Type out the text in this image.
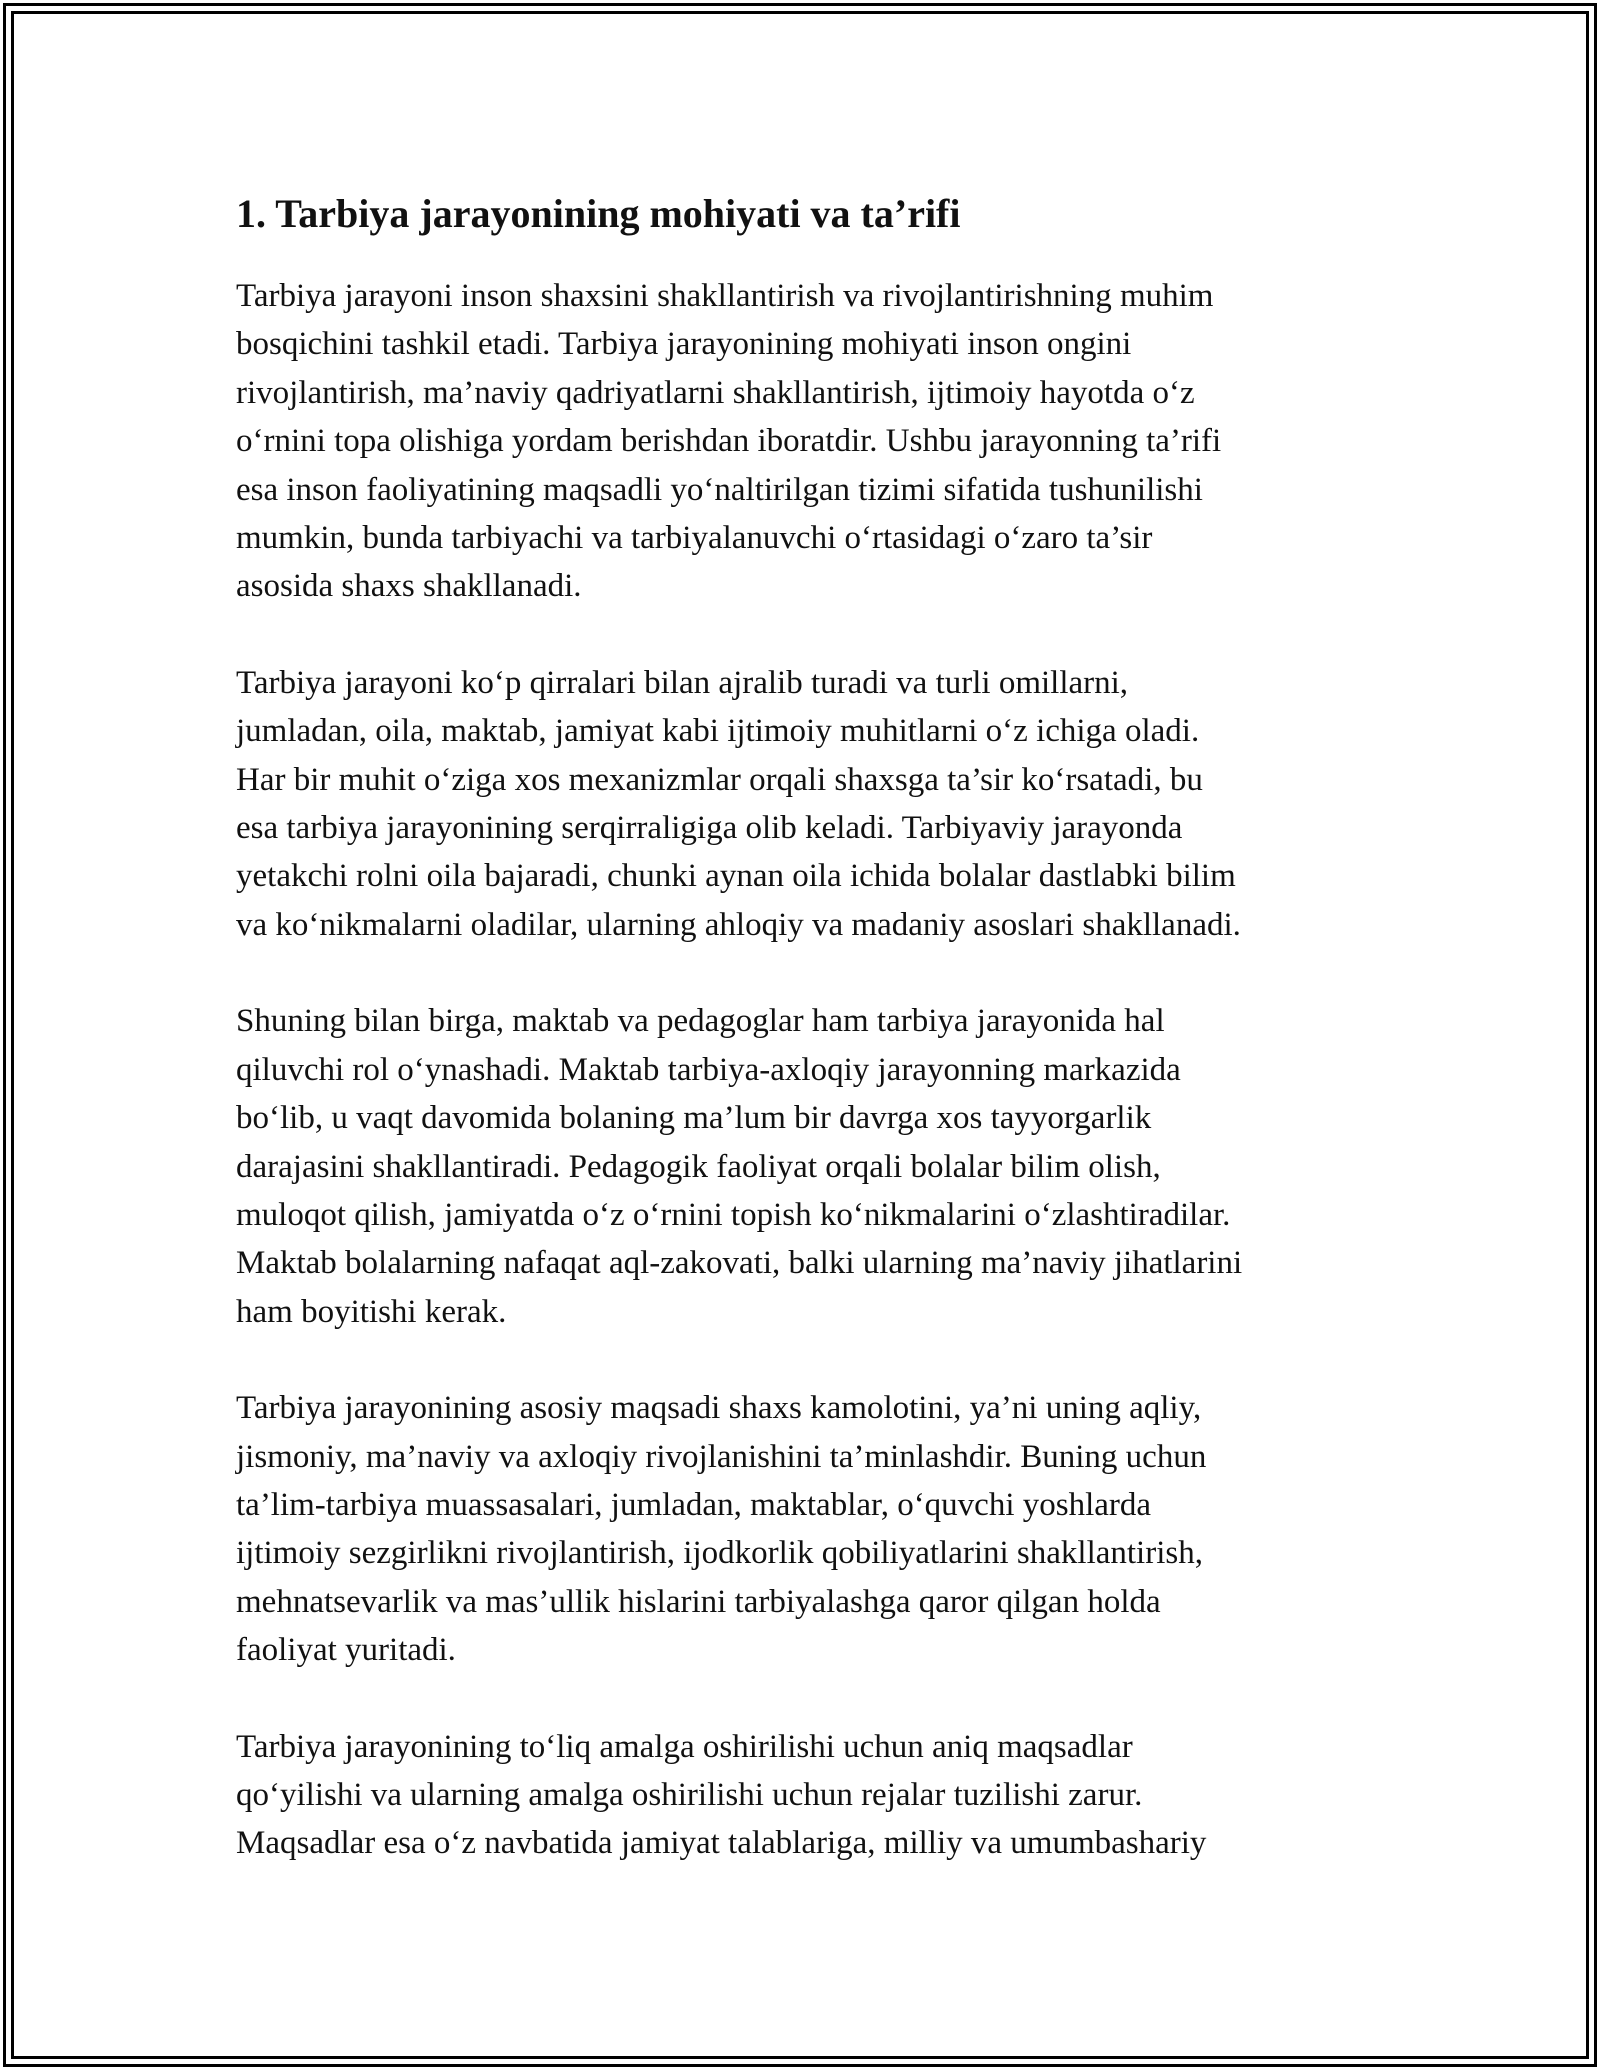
1. Tarbiya jarayonining mohiyati va ta’rifi
Tarbiya jarayoni inson shaxsini shakllantirish va rivojlantirishning muhim
bosqichini tashkil etadi. Tarbiya jarayonining mohiyati inson ongini
rivojlantirish, ma’naviy qadriyatlarni shakllantirish, ijtimoiy hayotda o‘z
o‘rnini topa olishiga yordam berishdan iboratdir. Ushbu jarayonning ta’rifi
esa inson faoliyatining maqsadli yo‘naltirilgan tizimi sifatida tushunilishi
mumkin, bunda tarbiyachi va tarbiyalanuvchi o‘rtasidagi o‘zaro ta’sir
asosida shaxs shakllanadi.
Tarbiya jarayoni ko‘p qirralari bilan ajralib turadi va turli omillarni,
jumladan, oila, maktab, jamiyat kabi ijtimoiy muhitlarni o‘z ichiga oladi.
Har bir muhit o‘ziga xos mexanizmlar orqali shaxsga ta’sir ko‘rsatadi, bu
esa tarbiya jarayonining serqirraligiga olib keladi. Tarbiyaviy jarayonda
yetakchi rolni oila bajaradi, chunki aynan oila ichida bolalar dastlabki bilim
va ko‘nikmalarni oladilar, ularning ahloqiy va madaniy asoslari shakllanadi.
Shuning bilan birga, maktab va pedagoglar ham tarbiya jarayonida hal
qiluvchi rol o‘ynashadi. Maktab tarbiya-axloqiy jarayonning markazida
bo‘lib, u vaqt davomida bolaning ma’lum bir davrga xos tayyorgarlik
darajasini shakllantiradi. Pedagogik faoliyat orqali bolalar bilim olish,
muloqot qilish, jamiyatda o‘z o‘rnini topish ko‘nikmalarini o‘zlashtiradilar.
Maktab bolalarning nafaqat aql-zakovati, balki ularning ma’naviy jihatlarini
ham boyitishi kerak.
Tarbiya jarayonining asosiy maqsadi shaxs kamolotini, ya’ni uning aqliy,
jismoniy, ma’naviy va axloqiy rivojlanishini ta’minlashdir. Buning uchun
ta’lim-tarbiya muassasalari, jumladan, maktablar, o‘quvchi yoshlarda
ijtimoiy sezgirlikni rivojlantirish, ijodkorlik qobiliyatlarini shakllantirish,
mehnatsevarlik va mas’ullik hislarini tarbiyalashga qaror qilgan holda
faoliyat yuritadi.
Tarbiya jarayonining to‘liq amalga oshirilishi uchun aniq maqsadlar
qo‘yilishi va ularning amalga oshirilishi uchun rejalar tuzilishi zarur.
Maqsadlar esa o‘z navbatida jamiyat talablariga, milliy va umumbashariy
